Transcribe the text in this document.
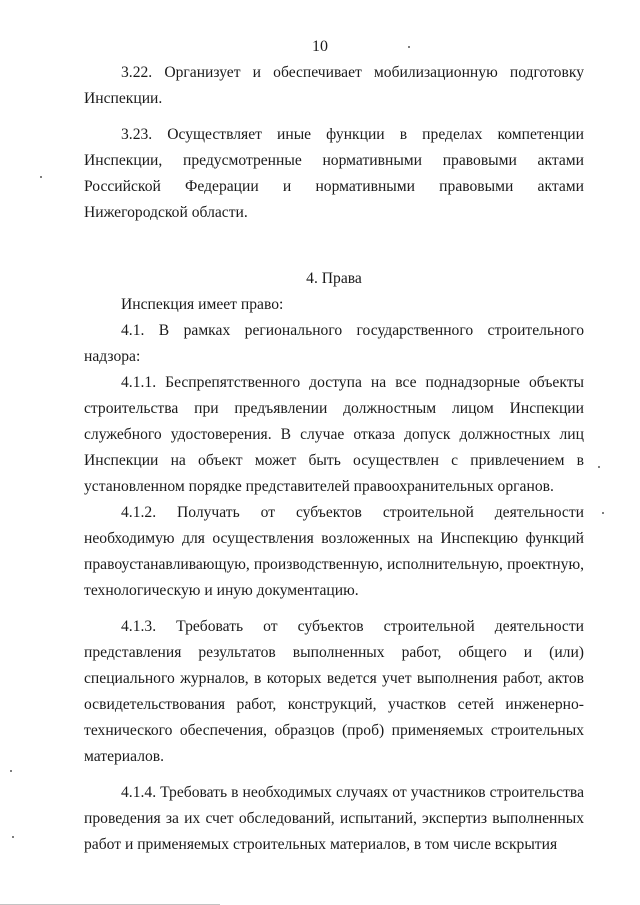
10

3.22. Организует и обеспечивает мобилизационную подготовку Инспекции.

3.23. Осуществляет иные функции в пределах компетенции Инспекции, предусмотренные нормативными правовыми актами Российской Федерации и нормативными правовыми актами Нижегородской области.

4. Права

Инспекция имеет право:

4.1. В рамках регионального государственного строительного надзора:

4.1.1. Беспрепятственного доступа на все поднадзорные объекты строительства при предъявлении должностным лицом Инспекции служебного удостоверения. В случае отказа допуск должностных лиц Инспекции на объект может быть осуществлен с привлечением в установленном порядке представителей правоохранительных органов.

4.1.2. Получать от субъектов строительной деятельности необходимую для осуществления возложенных на Инспекцию функций правоустанавливающую, производственную, исполнительную, проектную, технологическую и иную документацию.

4.1.3. Требовать от субъектов строительной деятельности представления результатов выполненных работ, общего и (или) специального журналов, в которых ведется учет выполнения работ, актов освидетельствования работ, конструкций, участков сетей инженерно-технического обеспечения, образцов (проб) применяемых строительных материалов.

4.1.4. Требовать в необходимых случаях от участников строительства проведения за их счет обследований, испытаний, экспертиз выполненных работ и применяемых строительных материалов, в том числе вскрытия
